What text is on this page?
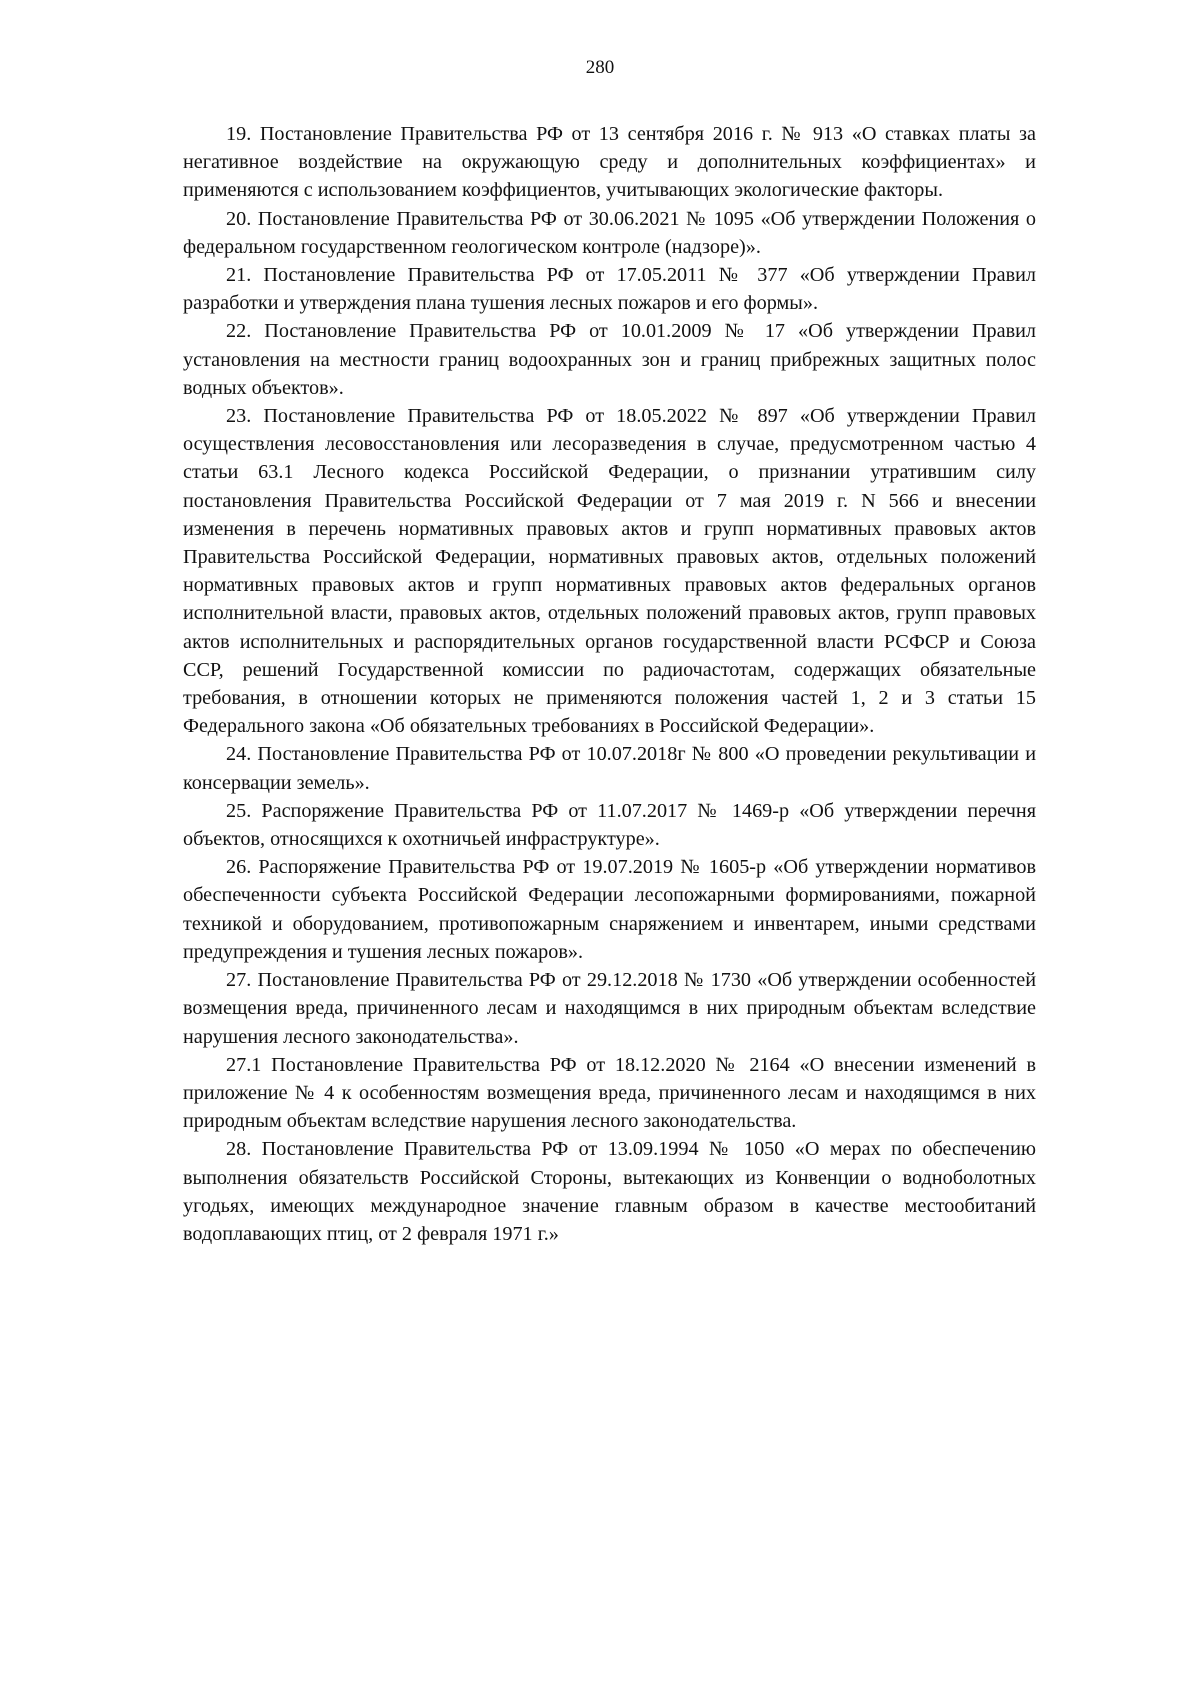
280

19. Постановление Правительства РФ от 13 сентября 2016 г. № 913 «О ставках платы за негативное воздействие на окружающую среду и дополнительных коэффициентах» и применяются с использованием коэффициентов, учитывающих экологические факторы.

20. Постановление Правительства РФ от 30.06.2021 № 1095 «Об утверждении Положения о федеральном государственном геологическом контроле (надзоре)».

21. Постановление Правительства РФ от 17.05.2011 № 377 «Об утверждении Правил разработки и утверждения плана тушения лесных пожаров и его формы».

22. Постановление Правительства РФ от 10.01.2009 № 17 «Об утверждении Правил установления на местности границ водоохранных зон и границ прибрежных защитных полос водных объектов».

23. Постановление Правительства РФ от 18.05.2022 № 897 «Об утверждении Правил осуществления лесовосстановления или лесоразведения в случае, предусмотренном частью 4 статьи 63.1 Лесного кодекса Российской Федерации, о признании утратившим силу постановления Правительства Российской Федерации от 7 мая 2019 г. N 566 и внесении изменения в перечень нормативных правовых актов и групп нормативных правовых актов Правительства Российской Федерации, нормативных правовых актов, отдельных положений нормативных правовых актов и групп нормативных правовых актов федеральных органов исполнительной власти, правовых актов, отдельных положений правовых актов, групп правовых актов исполнительных и распорядительных органов государственной власти РСФСР и Союза ССР, решений Государственной комиссии по радиочастотам, содержащих обязательные требования, в отношении которых не применяются положения частей 1, 2 и 3 статьи 15 Федерального закона «Об обязательных требованиях в Российской Федерации».

24. Постановление Правительства РФ от 10.07.2018г № 800 «О проведении рекультивации и консервации земель».

25. Распоряжение Правительства РФ от 11.07.2017 № 1469-р «Об утверждении перечня объектов, относящихся к охотничьей инфраструктуре».

26. Распоряжение Правительства РФ от 19.07.2019 № 1605-р «Об утверждении нормативов обеспеченности субъекта Российской Федерации лесопожарными формированиями, пожарной техникой и оборудованием, противопожарным снаряжением и инвентарем, иными средствами предупреждения и тушения лесных пожаров».

27. Постановление Правительства РФ от 29.12.2018 № 1730 «Об утверждении особенностей возмещения вреда, причиненного лесам и находящимся в них природным объектам вследствие нарушения лесного законодательства».

27.1 Постановление Правительства РФ от 18.12.2020 № 2164 «О внесении изменений в приложение № 4 к особенностям возмещения вреда, причиненного лесам и находящимся в них природным объектам вследствие нарушения лесного законодательства.

28. Постановление Правительства РФ от 13.09.1994 № 1050 «О мерах по обеспечению выполнения обязательств Российской Стороны, вытекающих из Конвенции о водноболотных угодьях, имеющих международное значение главным образом в качестве местообитаний водоплавающих птиц, от 2 февраля 1971 г.»
